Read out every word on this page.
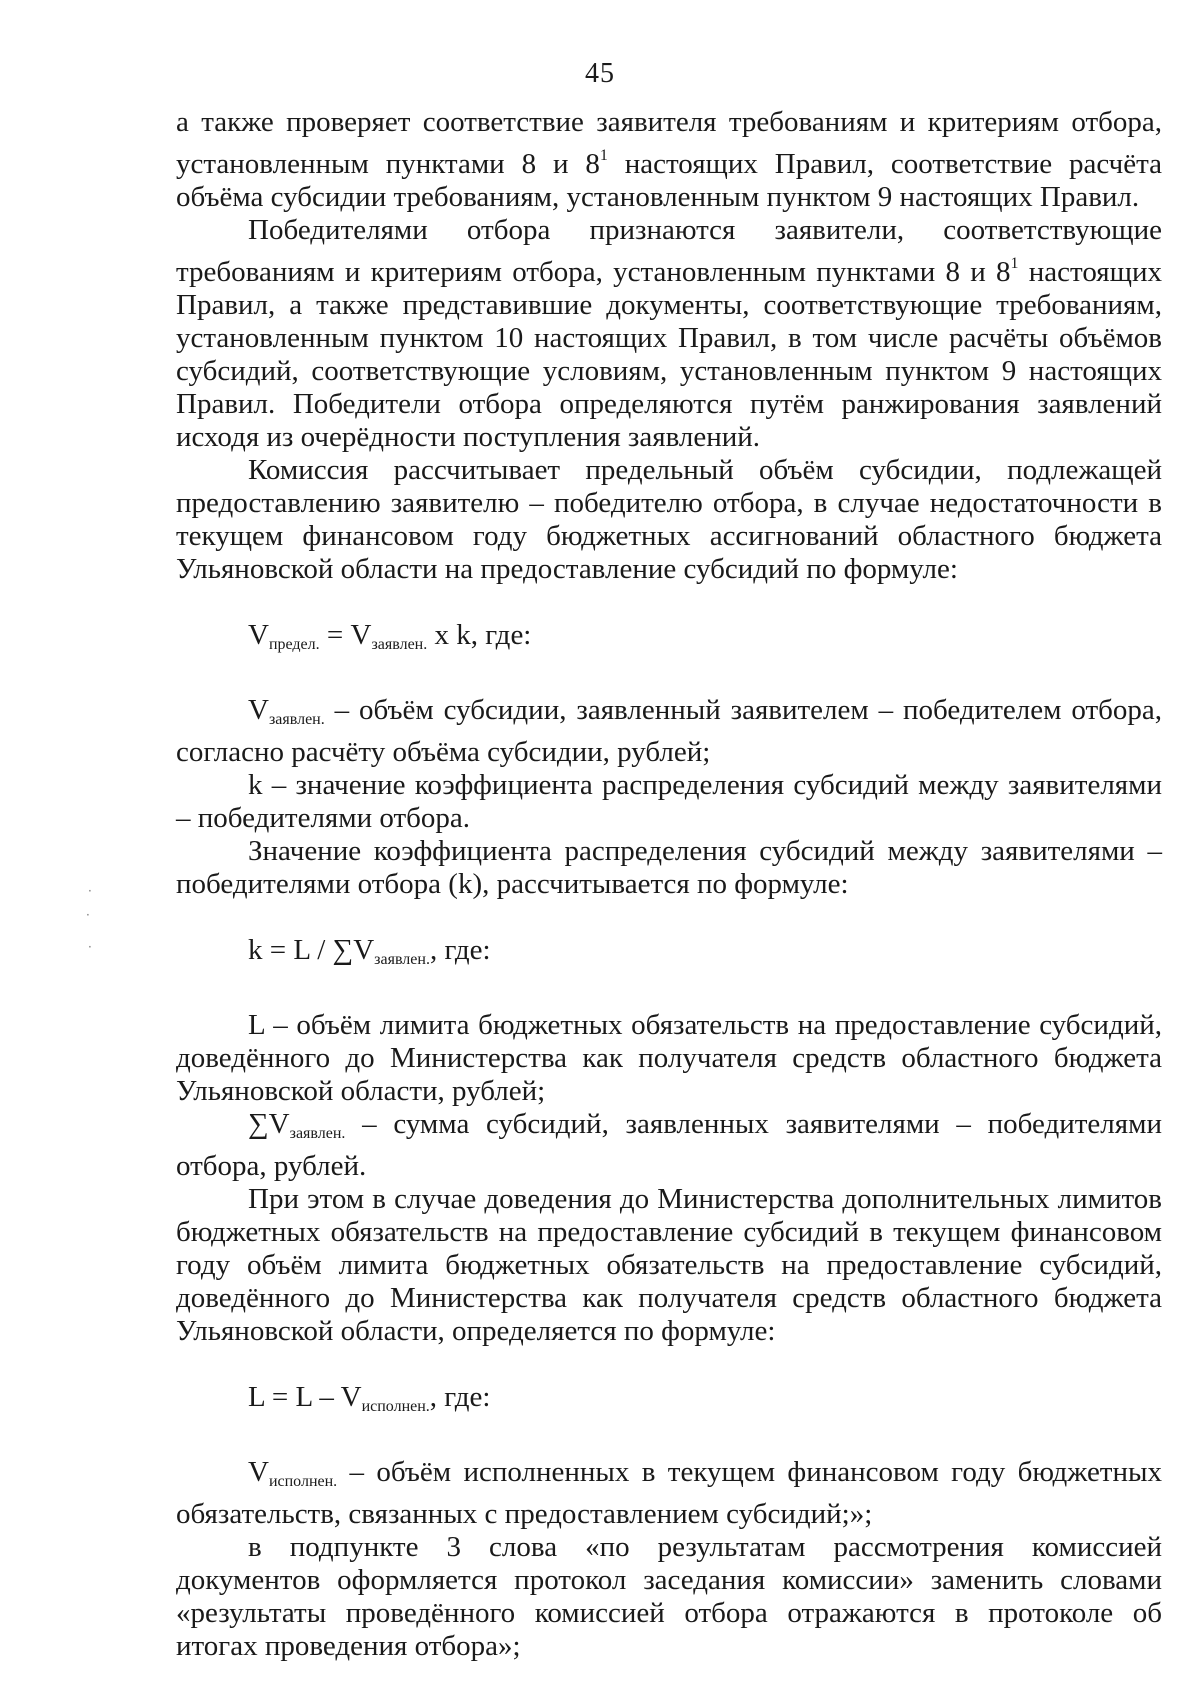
45

а также проверяет соответствие заявителя требованиям и критериям отбора, установленным пунктами 8 и $8^1$ настоящих Правил, соответствие расчёта объёма субсидии требованиям, установленным пунктом 9 настоящих Правил.

Победителями отбора признаются заявители, соответствующие требованиям и критериям отбора, установленным пунктами 8 и $8^1$ настоящих Правил, а также представившие документы, соответствующие требованиям, установленным пунктом 10 настоящих Правил, в том числе расчёты объёмов субсидий, соответствующие условиям, установленным пунктом 9 настоящих Правил. Победители отбора определяются путём ранжирования заявлений исходя из очерёдности поступления заявлений.

Комиссия рассчитывает предельный объём субсидии, подлежащей предоставлению заявителю – победителю отбора, в случае недостаточности в текущем финансовом году бюджетных ассигнований областного бюджета Ульяновской области на предоставление субсидий по формуле:

$V_{предел.} = V_{заявлен.}$ x k, где:

$V_{заявлен.}$ – объём субсидии, заявленный заявителем – победителем отбора, согласно расчёту объёма субсидии, рублей;

k – значение коэффициента распределения субсидий между заявителями – победителями отбора.

Значение коэффициента распределения субсидий между заявителями – победителями отбора (k), рассчитывается по формуле:

$k = L / \sum V_{заявлен.}$, где:

L – объём лимита бюджетных обязательств на предоставление субсидий, доведённого до Министерства как получателя средств областного бюджета Ульяновской области, рублей;

$\sum V_{заявлен.}$ – сумма субсидий, заявленных заявителями – победителями отбора, рублей.

При этом в случае доведения до Министерства дополнительных лимитов бюджетных обязательств на предоставление субсидий в текущем финансовом году объём лимита бюджетных обязательств на предоставление субсидий, доведённого до Министерства как получателя средств областного бюджета Ульяновской области, определяется по формуле:

$L = L - V_{исполнен.}$, где:

$V_{исполнен.}$ – объём исполненных в текущем финансовом году бюджетных обязательств, связанных с предоставлением субсидий;»;

в подпункте 3 слова «по результатам рассмотрения комиссией документов оформляется протокол заседания комиссии» заменить словами «результаты проведённого комиссией отбора отражаются в протоколе об итогах проведения отбора»;

·
·
·
